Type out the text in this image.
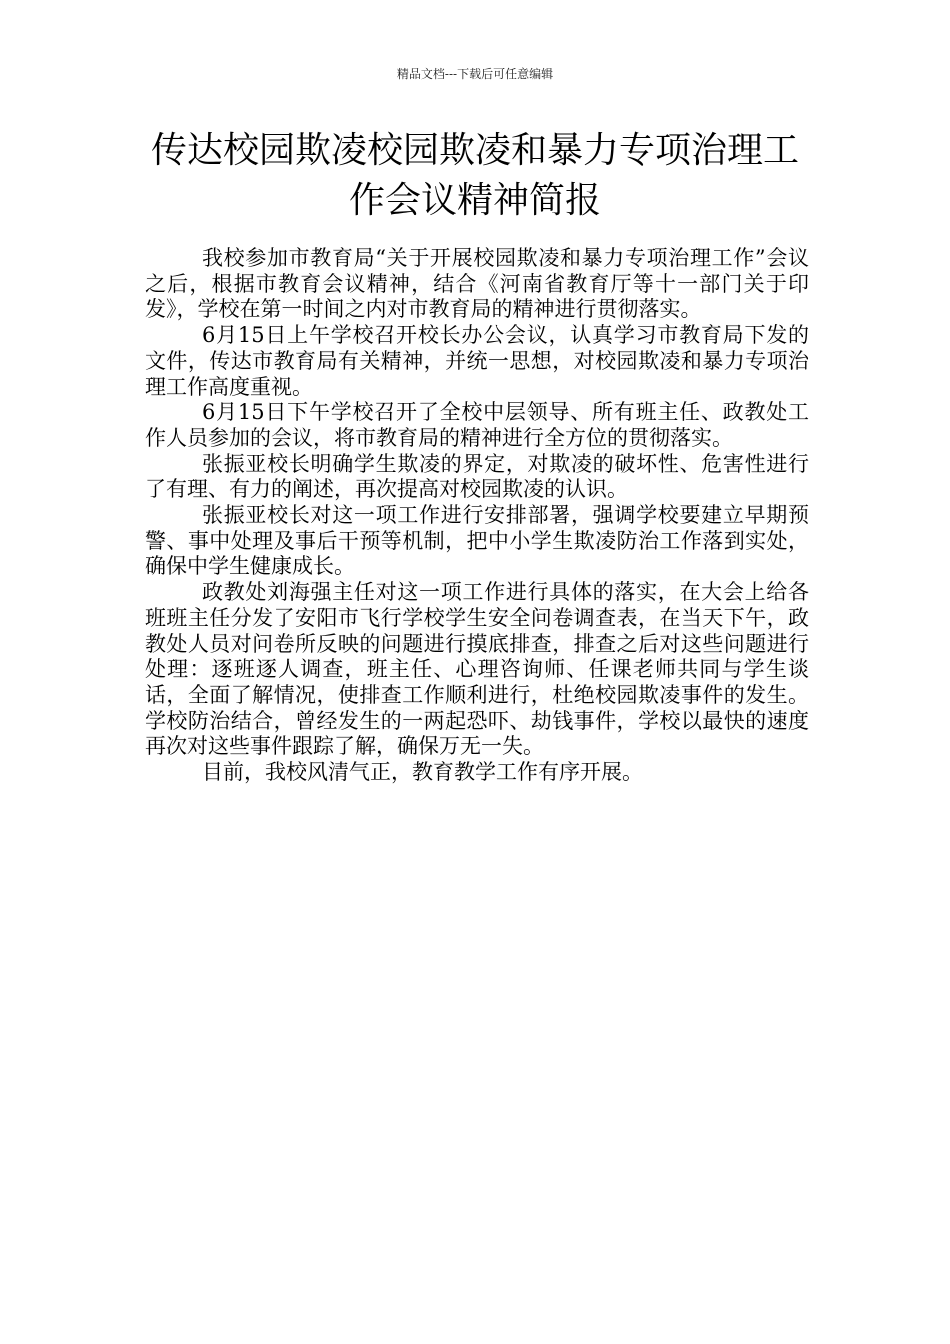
精品文档---下载后可任意编辑
传达校园欺凌校园欺凌和暴力专项治理工作会议精神简报

我校参加市教育局“关于开展校园欺凌和暴力专项治理工作”会议之后，根据市教育会议精神，结合《河南省教育厅等十一部门关于印发》，学校在第一时间之内对市教育局的精神进行贯彻落实。

6月15日上午学校召开校长办公会议，认真学习市教育局下发的文件，传达市教育局有关精神，并统一思想，对校园欺凌和暴力专项治理工作高度重视。

6月15日下午学校召开了全校中层领导、所有班主任、政教处工作人员参加的会议，将市教育局的精神进行全方位的贯彻落实。

张振亚校长明确学生欺凌的界定，对欺凌的破坏性、危害性进行了有理、有力的阐述，再次提高对校园欺凌的认识。

张振亚校长对这一项工作进行安排部署，强调学校要建立早期预警、事中处理及事后干预等机制，把中小学生欺凌防治工作落到实处，确保中学生健康成长。

政教处刘海强主任对这一项工作进行具体的落实，在大会上给各班班主任分发了安阳市飞行学校学生安全问卷调查表，在当天下午，政教处人员对问卷所反映的问题进行摸底排查，排查之后对这些问题进行处理：逐班逐人调查，班主任、心理咨询师、任课老师共同与学生谈话，全面了解情况，使排查工作顺利进行，杜绝校园欺凌事件的发生。学校防治结合，曾经发生的一两起恐吓、劫钱事件，学校以最快的速度再次对这些事件跟踪了解，确保万无一失。

目前，我校风清气正，教育教学工作有序开展。
